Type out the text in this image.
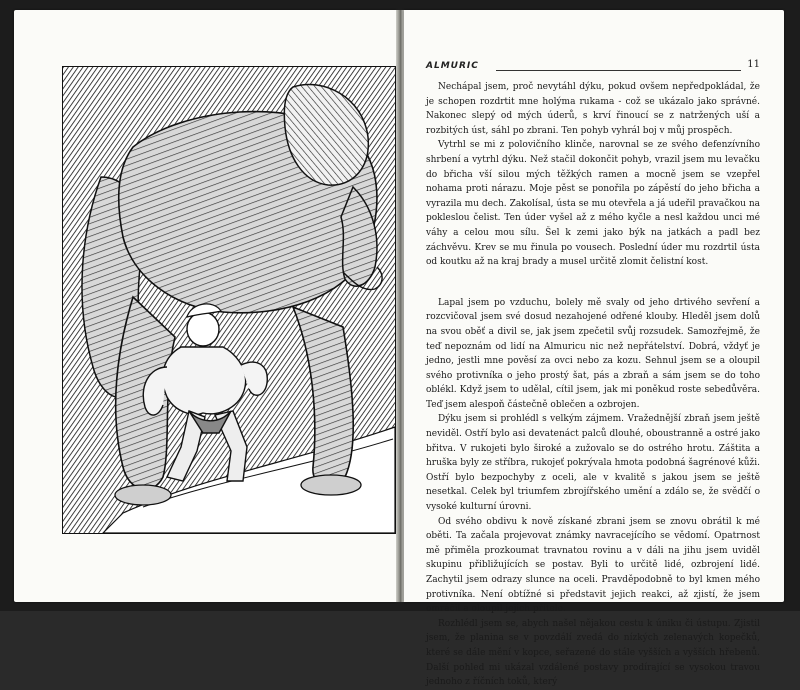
ALMURIC	11

Nechápal jsem, proč nevytáhl dýku, pokud ovšem nepředpokládal, že je schopen rozdrtit mne holýma rukama - což se ukázalo jako správné. Nakonec slepý od mých úderů, s krví řinoucí se z natržených uší a rozbitých úst, sáhl po zbrani. Ten pohyb vyhrál boj v můj prospěch.

Vytrhl se mi z polovičního klinče, narovnal se ze svého defenzívního shrbení a vytrhl dýku. Než stačil dokončit pohyb, vrazil jsem mu levačku do břicha vší silou mých těžkých ramen a mocně jsem se vzepřel nohama proti nárazu. Moje pěst se ponořila po zápěstí do jeho břicha a vyrazila mu dech. Zakolísal, ústa se mu otevřela a já udeřil pravačkou na pokleslou čelist. Ten úder vyšel až z mého kyčle a nesl každou unci mé váhy a celou mou sílu. Šel k zemi jako býk na jatkách a padl bez záchvěvu. Krev se mu řinula po vousech. Poslední úder mu rozdrtil ústa od koutku až na kraj brady a musel určitě zlomit čelistní kost.

Lapal jsem po vzduchu, bolely mě svaly od jeho drtivého sevření a rozcvičoval jsem své dosud nezahojené odřené klouby. Hleděl jsem dolů na svou oběť a divil se, jak jsem zpečetil svůj rozsudek. Samozřejmě, že teď nepoznám od lidí na Almuricu nic než nepřátelství. Dobrá, vždyť je jedno, jestli mne pověsí za ovci nebo za kozu. Sehnul jsem se a oloupil svého protivníka o jeho prostý šat, pás a zbraň a sám jsem se do toho oblékl. Když jsem to udělal, cítil jsem, jak mi poněkud roste sebedůvěra. Teď jsem alespoň částečně oblečen a ozbrojen.

Dýku jsem si prohlédl s velkým zájmem. Vražednější zbraň jsem ještě neviděl. Ostří bylo asi devatenáct palců dlouhé, oboustranně a ostré jako břitva. V rukojeti bylo široké a zužovalo se do ostrého hrotu. Záštita a hruška byly ze stříbra, rukojeť pokrývala hmota podobná šagrénové kůži. Ostří bylo bezpochyby z oceli, ale v kvalitě s jakou jsem se ještě nesetkal. Celek byl triumfem zbrojířského umění a zdálo se, že svědčí o vysoké kulturní úrovni.

Od svého obdivu k nově získané zbrani jsem se znovu obrátil k mé oběti. Ta začala projevovat známky navracejícího se vědomí. Opatrnost mě přiměla prozkoumat travnatou rovinu a v dáli na jihu jsem uviděl skupinu přibližujících se postav. Byli to určitě lidé, ozbrojení lidé. Zachytil jsem odrazy slunce na oceli. Pravděpodobně to byl kmen mého protivníka. Není obtížné si představit jejich reakci, až zjistí, že jsem omráčil a oloupil jejich přítele.

Rozhlédl jsem se, abych našel nějakou cestu k úniku či ústupu. Zjistil jsem, že planina se v povzdálí zvedá do nízkých zelenavých kopečků, které se dále mění v kopce, seřazené do stále vyšších a vyšších hřebenů. Další pohled mi ukázal vzdálené postavy prodírající se vysokou travou jednoho z říčních toků, který
